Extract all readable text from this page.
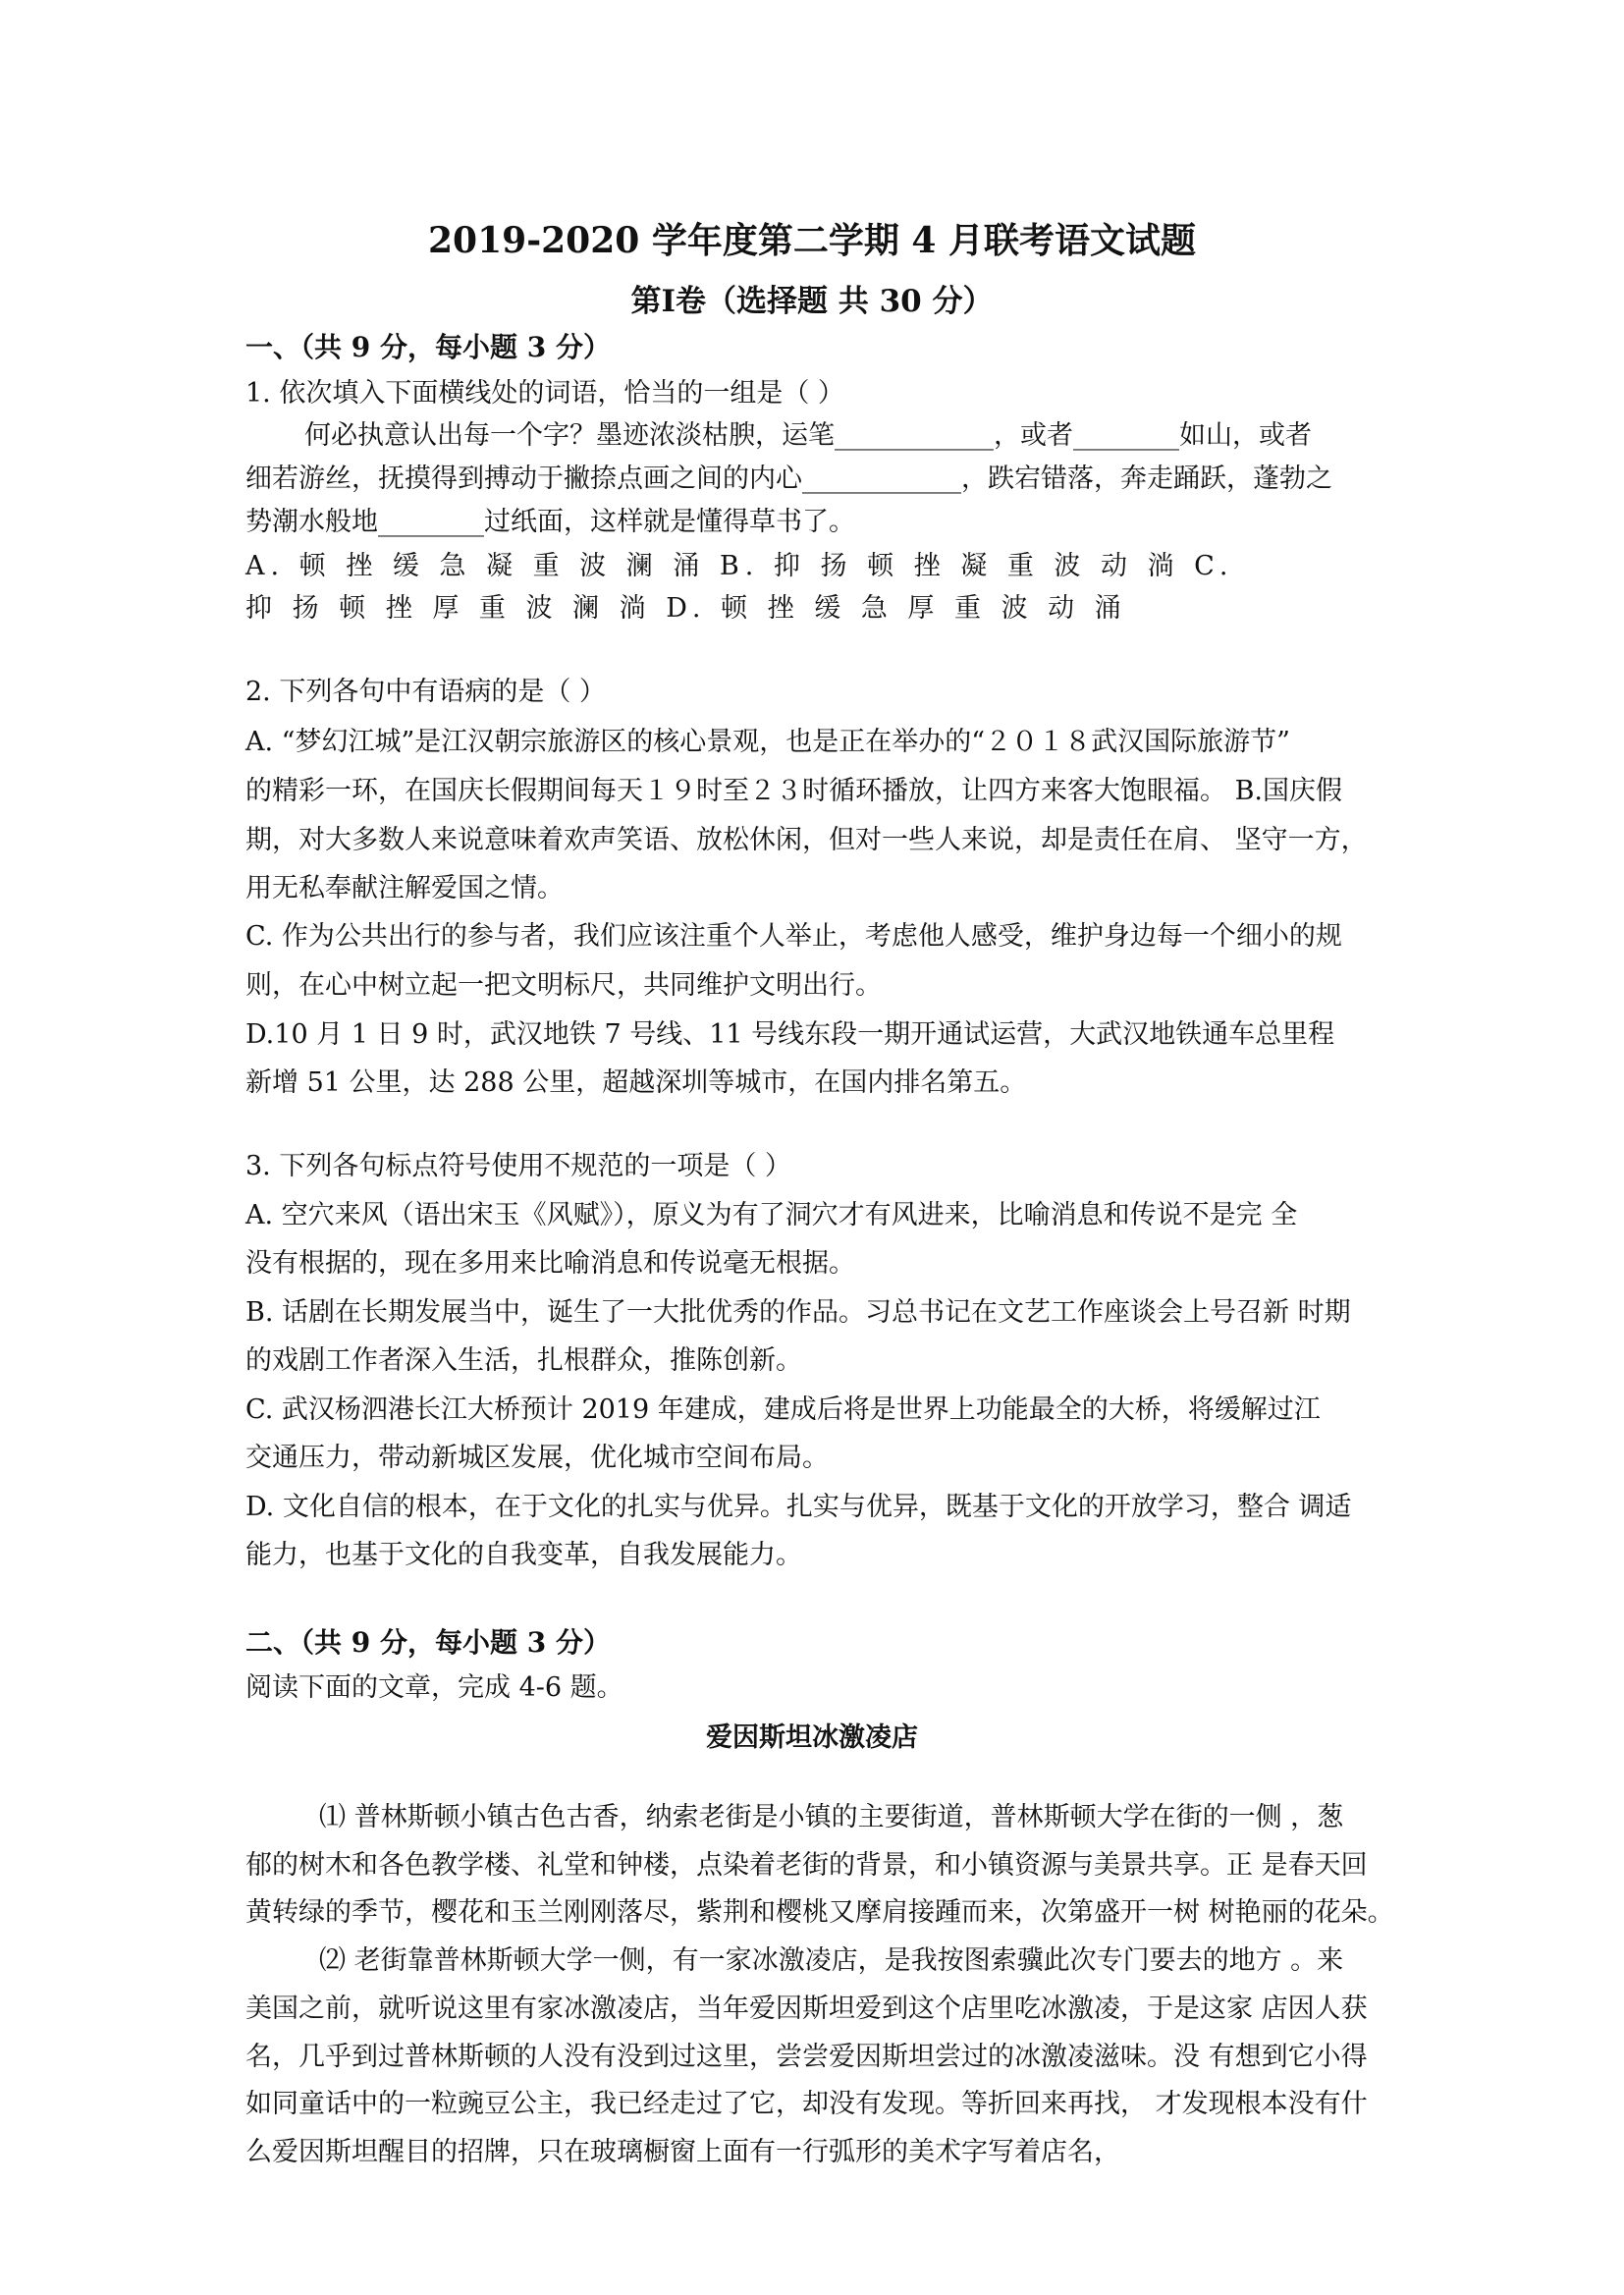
2019-2020 学年度第二学期 4 月联考语文试题
第Ⅰ卷（选择题 共 30 分）
一、（共 9 分，每小题 3 分）
1. 依次填入下面横线处的词语，恰当的一组是（ ）
何必执意认出每一个字？墨迹浓淡枯腴，运笔____________，或者________如山，或者
细若游丝，抚摸得到搏动于撇捺点画之间的内心____________，跌宕错落，奔走踊跃，蓬勃之
势潮水般地________过纸面，这样就是懂得草书了。
A. 顿 挫 缓 急 凝 重 波 澜 涌 B. 抑 扬 顿 挫 凝 重 波 动 淌 C.
抑 扬 顿 挫 厚 重 波 澜 淌 D. 顿 挫 缓 急 厚 重 波 动 涌
2. 下列各句中有语病的是（ ）
A. “梦幻江城”是江汉朝宗旅游区的核心景观，也是正在举办的“２０１８武汉国际旅游节”
的精彩一环，在国庆长假期间每天１９时至２３时循环播放，让四方来客大饱眼福。 B.国庆假
期，对大多数人来说意味着欢声笑语、放松休闲，但对一些人来说，却是责任在肩、 坚守一方，
用无私奉献注解爱国之情。
C. 作为公共出行的参与者，我们应该注重个人举止，考虑他人感受，维护身边每一个细小的规
则，在心中树立起一把文明标尺，共同维护文明出行。
D.10 月 1 日 9 时，武汉地铁 7 号线、11 号线东段一期开通试运营，大武汉地铁通车总里程
新增 51 公里，达 288 公里，超越深圳等城市，在国内排名第五。
3. 下列各句标点符号使用不规范的一项是（ ）
A. 空穴来风（语出宋玉《风赋》），原义为有了洞穴才有风进来，比喻消息和传说不是完 全
没有根据的，现在多用来比喻消息和传说毫无根据。
B. 话剧在长期发展当中，诞生了一大批优秀的作品。习总书记在文艺工作座谈会上号召新 时期
的戏剧工作者深入生活，扎根群众，推陈创新。
C. 武汉杨泗港长江大桥预计 2019 年建成，建成后将是世界上功能最全的大桥，将缓解过江
交通压力，带动新城区发展，优化城市空间布局。
D. 文化自信的根本，在于文化的扎实与优异。扎实与优异，既基于文化的开放学习，整合 调适
能力，也基于文化的自我变革，自我发展能力。
二、（共 9 分，每小题 3 分）
阅读下面的文章，完成 4-6 题。
爱因斯坦冰激凌店
⑴ 普林斯顿小镇古色古香，纳索老街是小镇的主要街道，普林斯顿大学在街的一侧 ，葱
郁的树木和各色教学楼、礼堂和钟楼，点染着老街的背景，和小镇资源与美景共享。正 是春天回
黄转绿的季节，樱花和玉兰刚刚落尽，紫荆和樱桃又摩肩接踵而来，次第盛开一树 树艳丽的花朵。
⑵ 老街靠普林斯顿大学一侧，有一家冰激凌店，是我按图索骥此次专门要去的地方 。来
美国之前，就听说这里有家冰激凌店，当年爱因斯坦爱到这个店里吃冰激凌，于是这家 店因人获
名，几乎到过普林斯顿的人没有没到过这里，尝尝爱因斯坦尝过的冰激凌滋味。没 有想到它小得
如同童话中的一粒豌豆公主，我已经走过了它，却没有发现。等折回来再找， 才发现根本没有什
么爱因斯坦醒目的招牌，只在玻璃橱窗上面有一行弧形的美术字写着店名，
